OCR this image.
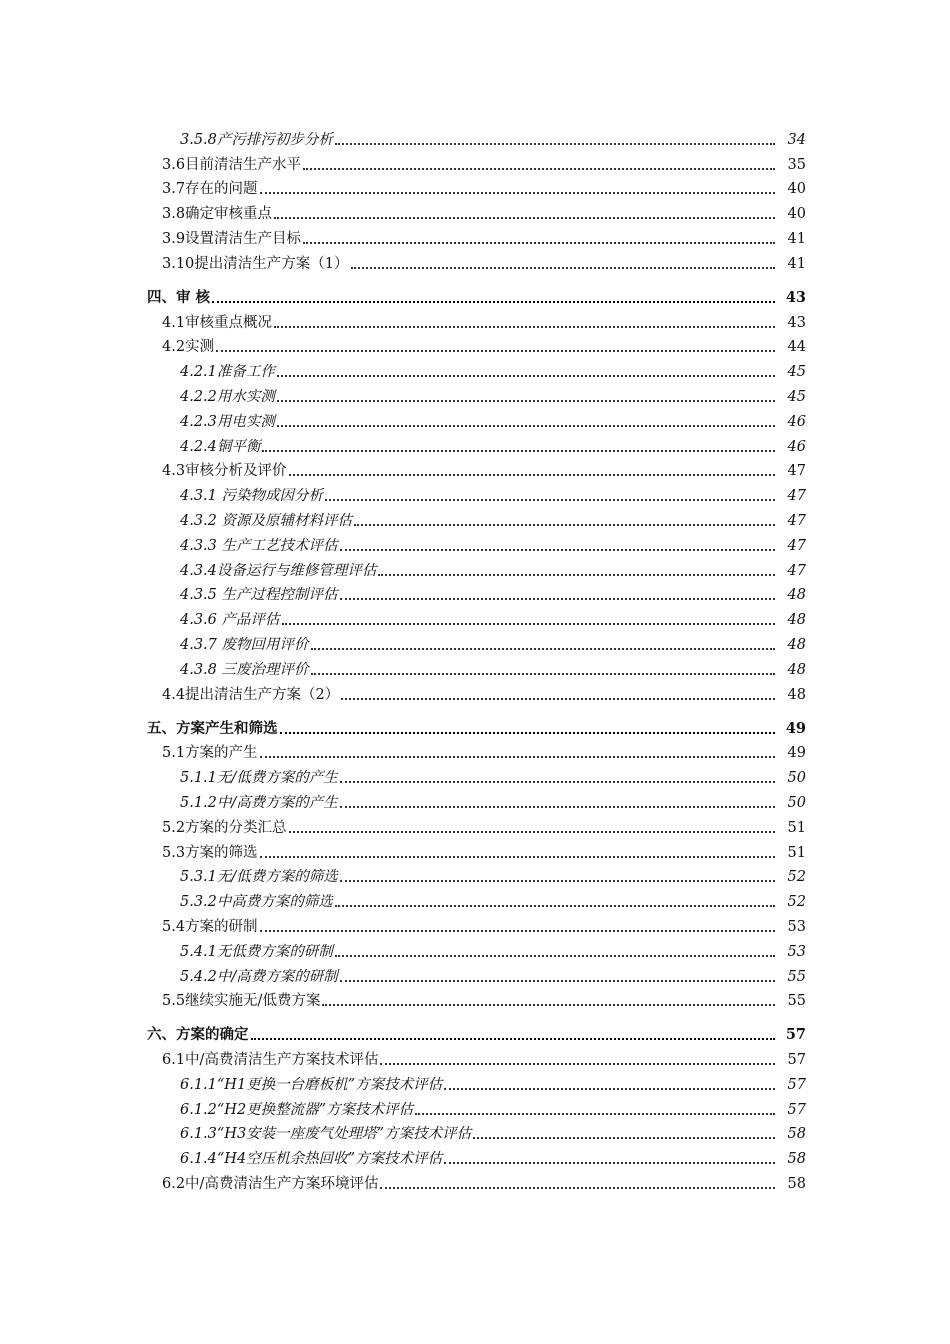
3.5.8产污排污初步分析	34
3.6目前清洁生产水平	35
3.7存在的问题	40
3.8确定审核重点	40
3.9设置清洁生产目标	41
3.10提出清洁生产方案（1）	41
四、审 核	43
4.1审核重点概况	43
4.2实测	44
4.2.1准备工作	45
4.2.2用水实测	45
4.2.3用电实测	46
4.2.4铜平衡	46
4.3审核分析及评价	47
4.3.1 污染物成因分析	47
4.3.2 资源及原辅材料评估	47
4.3.3 生产工艺技术评估	47
4.3.4设备运行与维修管理评估	47
4.3.5 生产过程控制评估	48
4.3.6 产品评估	48
4.3.7 废物回用评价	48
4.3.8 三废治理评价	48
4.4提出清洁生产方案（2）	48
五、方案产生和筛选	49
5.1方案的产生	49
5.1.1无/低费方案的产生	50
5.1.2中/高费方案的产生	50
5.2方案的分类汇总	51
5.3方案的筛选	51
5.3.1无/低费方案的筛选	52
5.3.2中高费方案的筛选	52
5.4方案的研制	53
5.4.1无低费方案的研制	53
5.4.2中/高费方案的研制	55
5.5继续实施无/低费方案	55
六、方案的确定	57
6.1中/高费清洁生产方案技术评估	57
6.1.1“H1更换一台磨板机”方案技术评估	57
6.1.2“H2更换整流器”方案技术评估	57
6.1.3“H3安装一座废气处理塔”方案技术评估	58
6.1.4“H4空压机余热回收”方案技术评估	58
6.2中/高费清洁生产方案环境评估	58
